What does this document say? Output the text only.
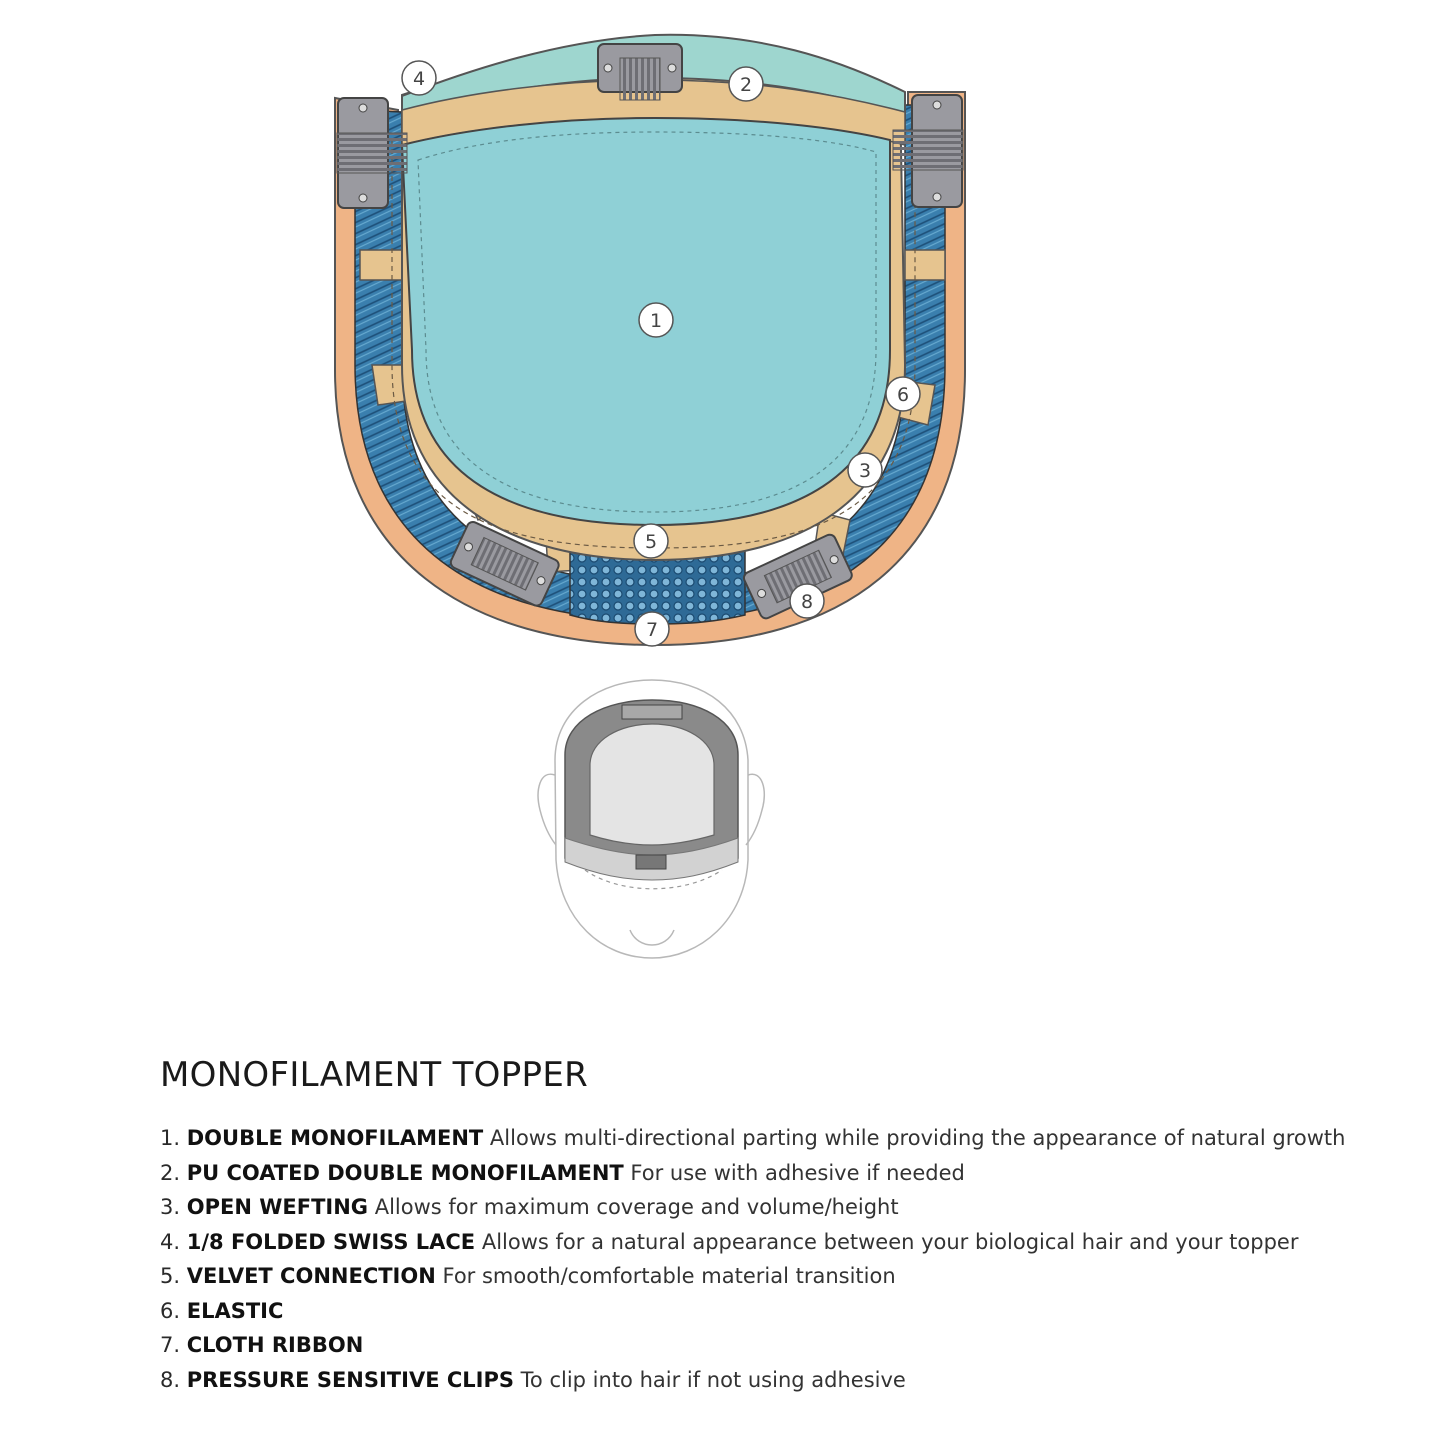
1
2
3
4
5
6
7
8
MONOFILAMENT TOPPER
1. DOUBLE MONOFILAMENT Allows multi-directional parting while providing the appearance of natural growth
2. PU COATED DOUBLE MONOFILAMENT For use with adhesive if needed
3. OPEN WEFTING Allows for maximum coverage and volume/height
4. 1/8 FOLDED SWISS LACE Allows for a natural appearance between your biological hair and your topper
5. VELVET CONNECTION For smooth/comfortable material transition
6. ELASTIC
7. CLOTH RIBBON
8. PRESSURE SENSITIVE CLIPS To clip into hair if not using adhesive
